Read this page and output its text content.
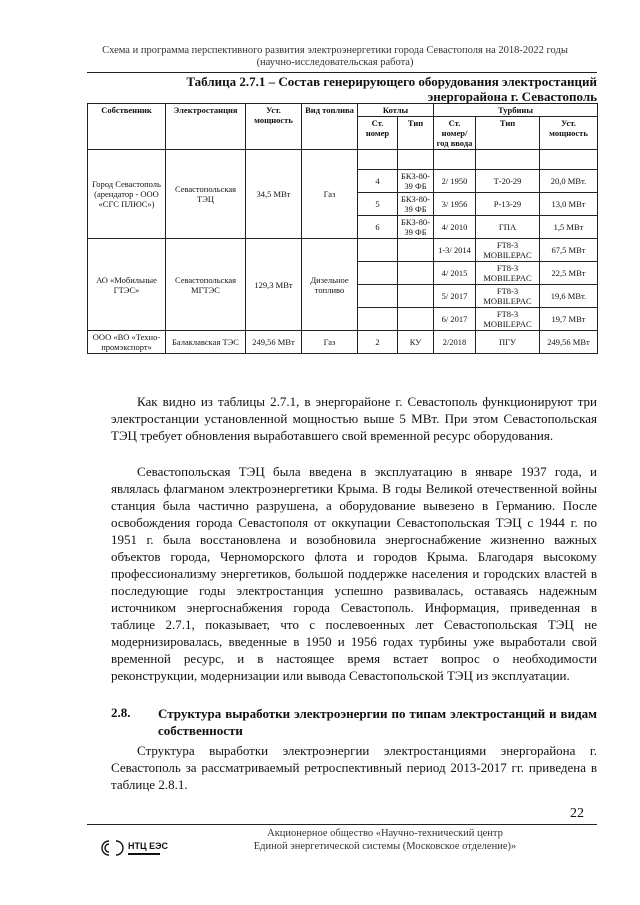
Схема и программа перспективного развития электроэнергетики города Севастополя на 2018-2022 годы
(научно-исследовательская работа)
Таблица 2.7.1 – Состав генерирующего оборудования электростанций
энергорайона г. Севастополь
Собственник	Электростанция	Уст. мощность	Вид топлива	Котлы		Турбины		
				Ст. номер	Тип	Ст. номер/ год ввода	Тип	Уст. мощность
Город Севастополь (арендатор - ООО «СГС ПЛЮС»)	Севастопольская ТЭЦ	34,5 МВт	Газ					
				4	БКЗ-80-39 ФБ	2/ 1950	Т-20-29	20,0 МВт.
				5	БКЗ-80-39 ФБ	3/ 1956	Р-13-29	13,0 МВт
				6	БКЗ-80-39 ФБ	4/ 2010	ГПА	1,5 МВт
АО «Мобильные ГТЭС»	Севастопольская МГТЭС	129,3 МВт	Дизельное топливо			1-3/ 2014	FT8-3 MOBILEPAC	67,5 МВт
						4/ 2015	FT8-3 MOBILEPAC	22,5 МВт
						5/ 2017	FT8-3 MOBILEPAC	19,6 МВт.
						6/ 2017	FT8-3 MOBILEPAC	19,7 МВт
ООО «ВО «Техно-промэкспорт»	Балаклавская ТЭС	249,56 МВт	Газ	2	КУ	2/2018	ПГУ	249,56 МВт

Как видно из таблицы 2.7.1, в энергорайоне г. Севастополь функционируют три электростанции установленной мощностью выше 5 МВт. При этом Севастопольская ТЭЦ требует обновления выработавшего свой временной ресурс оборудования.

Севастопольская ТЭЦ была введена в эксплуатацию в январе 1937 года, и являлась флагманом электроэнергетики Крыма. В годы Великой отечественной войны станция была частично разрушена, а оборудование вывезено в Германию. После освобождения города Севастополя от оккупации Севастопольская ТЭЦ с 1944 г. по 1951 г. была восстановлена и возобновила энергоснабжение жизненно важных объектов города, Черноморского флота и городов Крыма. Благодаря высокому профессионализму энергетиков, большой поддержке населения и городских властей в последующие годы электростанция успешно развивалась, оставаясь надежным источником энергоснабжения города Севастополь. Информация, приведенная в таблице 2.7.1, показывает, что с послевоенных лет Севастопольская ТЭЦ не модернизировалась, введенные в 1950 и 1956 годах турбины уже выработали свой временной ресурс, и в настоящее время встает вопрос о необходимости реконструкции, модернизации или вывода Севастопольской ТЭЦ из эксплуатации.

2.8. Структура выработки электроэнергии по типам электростанций и видам собственности

Структура выработки электроэнергии электростанциями энергорайона г. Севастополь за рассматриваемый ретроспективный период 2013-2017 гг. приведена в таблице 2.8.1.

22
НТЦ ЕЭС
Акционерное общество «Научно-технический центр
Единой энергетической системы (Московское отделение)»
